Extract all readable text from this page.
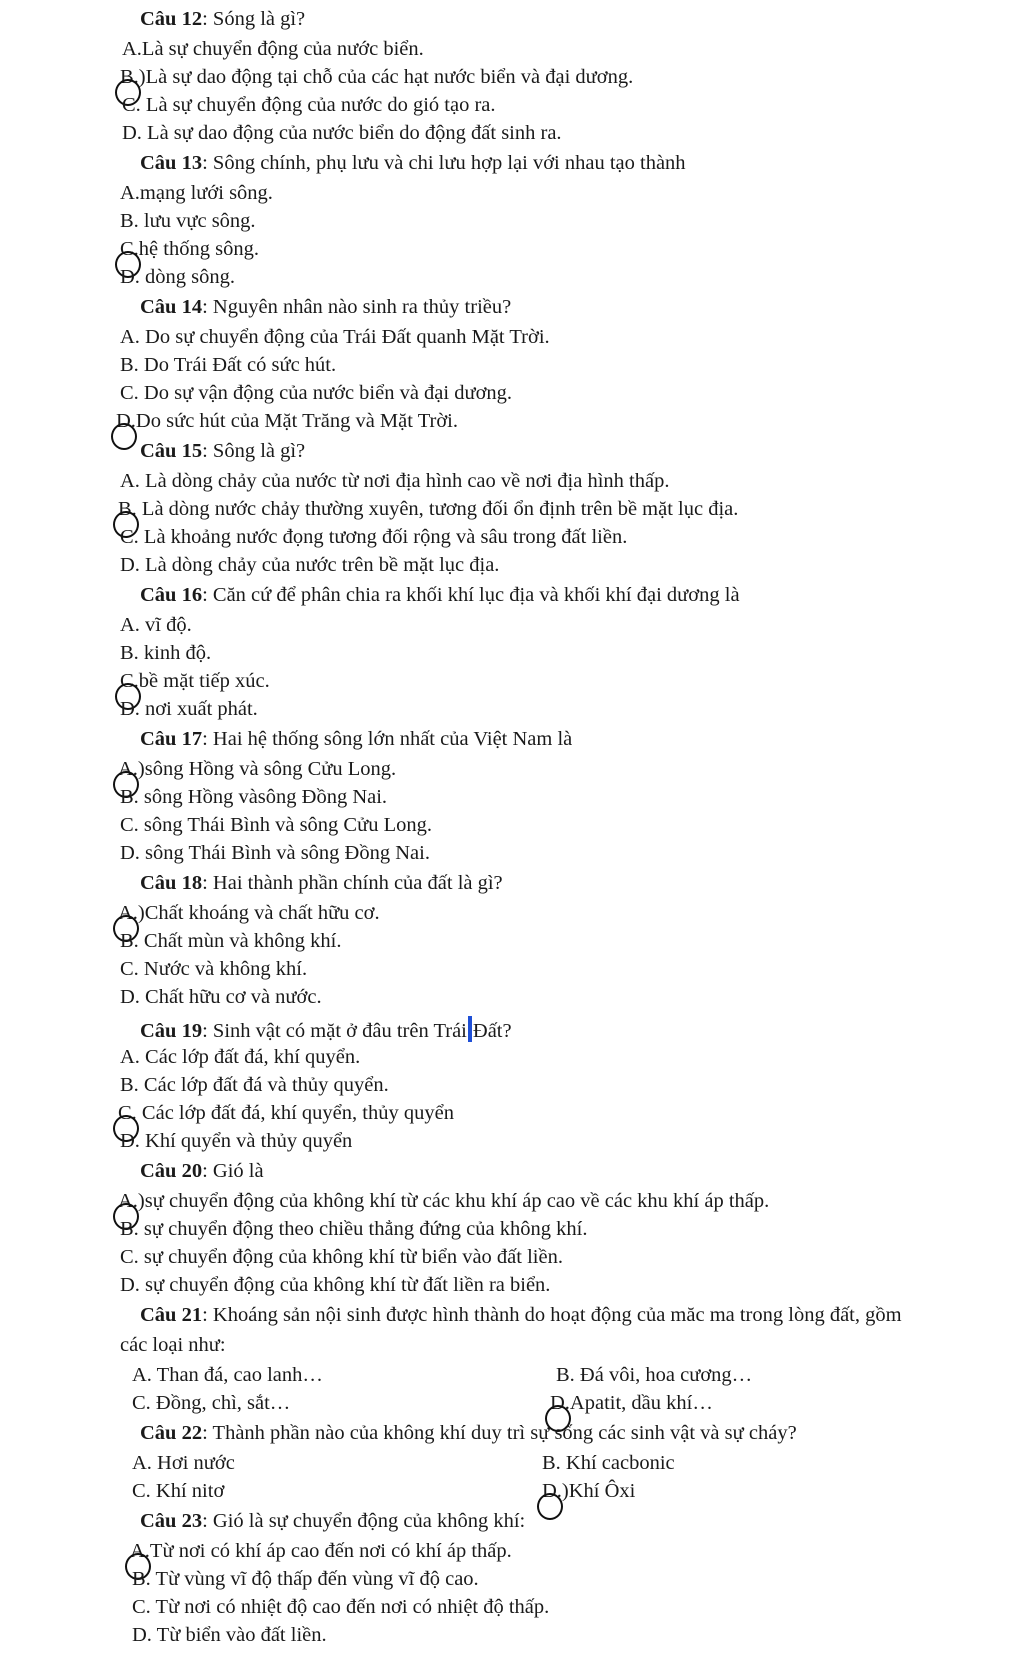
Câu 12: Sóng là gì?
A.Là sự chuyển động của nước biển.
B.)Là sự dao động tại chỗ của các hạt nước biển và đại dương.
C. Là sự chuyển động của nước do gió tạo ra.
D. Là sự dao động của nước biển do động đất sinh ra.
Câu 13: Sông chính, phụ lưu và chi lưu hợp lại với nhau tạo thành
A.mạng lưới sông.
B. lưu vực sông.
C.hệ thống sông.
D. dòng sông.
Câu 14: Nguyên nhân nào sinh ra thủy triều?
A. Do sự chuyển động của Trái Đất quanh Mặt Trời.
B. Do Trái Đất có sức hút.
C. Do sự vận động của nước biển và đại dương.
D.Do sức hút của Mặt Trăng và Mặt Trời.
Câu 15: Sông là gì?
A. Là dòng chảy của nước từ nơi địa hình cao về nơi địa hình thấp.
B. Là dòng nước chảy thường xuyên, tương đối ổn định trên bề mặt lục địa.
C. Là khoảng nước đọng tương đối rộng và sâu trong đất liền.
D. Là dòng chảy của nước trên bề mặt lục địa.
Câu 16: Căn cứ để phân chia ra khối khí lục địa và khối khí đại dương là
A. vĩ độ.
B. kinh độ.
C.bề mặt tiếp xúc.
D. nơi xuất phát.
Câu 17: Hai hệ thống sông lớn nhất của Việt Nam là
A.)sông Hồng và sông Cửu Long.
B. sông Hồng vàsông Đồng Nai.
C. sông Thái Bình và sông Cửu Long.
D. sông Thái Bình và sông Đồng Nai.
Câu 18: Hai thành phần chính của đất là gì?
A.)Chất khoáng và chất hữu cơ.
B. Chất mùn và không khí.
C. Nước và không khí.
D. Chất hữu cơ và nước.
Câu 19: Sinh vật có mặt ở đâu trên Trái Đất?
A. Các lớp đất đá, khí quyển.
B. Các lớp đất đá và thủy quyển.
C. Các lớp đất đá, khí quyển, thủy quyển
D. Khí quyển và thủy quyển
Câu 20: Gió là
A.)sự chuyển động của không khí từ các khu khí áp cao về các khu khí áp thấp.
B. sự chuyển động theo chiều thẳng đứng của không khí.
C. sự chuyển động của không khí từ biển vào đất liền.
D. sự chuyển động của không khí từ đất liền ra biển.
Câu 21: Khoáng sản nội sinh được hình thành do hoạt động của măc ma trong lòng đất, gồm
các loại như:
A. Than đá, cao lanh…	B. Đá vôi, hoa cương…
C. Đồng, chì, sắt…	D.Apatit, dầu khí…
Câu 22: Thành phần nào của không khí duy trì sự sống các sinh vật và sự cháy?
A. Hơi nước	B. Khí cacbonic
C. Khí nitơ	D.)Khí Ôxi
Câu 23: Gió là sự chuyển động của không khí:
A.Từ nơi có khí áp cao đến nơi có khí áp thấp.
B. Từ vùng vĩ độ thấp đến vùng vĩ độ cao.
C. Từ nơi có nhiệt độ cao đến nơi có nhiệt độ thấp.
D. Từ biển vào đất liền.
